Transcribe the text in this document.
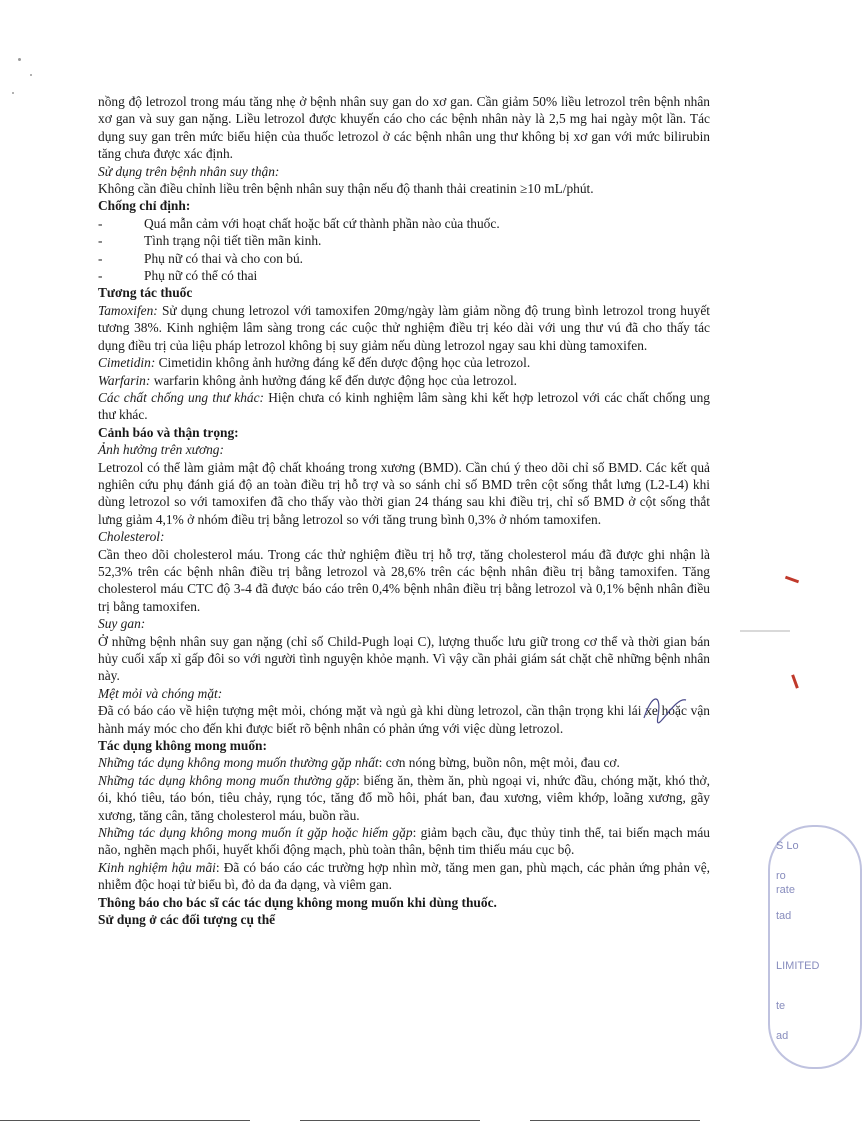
nồng độ letrozol trong máu tăng nhẹ ở bệnh nhân suy gan do xơ gan. Cần giảm 50% liều letrozol trên bệnh nhân xơ gan và suy gan nặng. Liều letrozol được khuyến cáo cho các bệnh nhân này là 2,5 mg hai ngày một lần. Tác dụng suy gan trên mức biểu hiện của thuốc letrozol ở các bệnh nhân ung thư không bị xơ gan với mức bilirubin tăng chưa được xác định.

Sử dụng trên bệnh nhân suy thận:

Không cần điều chỉnh liều trên bệnh nhân suy thận nếu độ thanh thải creatinin ≥10 mL/phút.

Chống chỉ định:

-	Quá mẫn cảm với hoạt chất hoặc bất cứ thành phần nào của thuốc.
-	Tình trạng nội tiết tiền mãn kinh.
-	Phụ nữ có thai và cho con bú.
-	Phụ nữ có thể có thai

Tương tác thuốc

Tamoxifen: Sử dụng chung letrozol với tamoxifen 20mg/ngày làm giảm nồng độ trung bình letrozol trong huyết tương 38%. Kinh nghiệm lâm sàng trong các cuộc thử nghiệm điều trị kéo dài với ung thư vú đã cho thấy tác dụng điều trị của liệu pháp letrozol không bị suy giảm nếu dùng letrozol ngay sau khi dùng tamoxifen.

Cimetidin: Cimetidin không ảnh hưởng đáng kể đến dược động học của letrozol.

Warfarin: warfarin không ảnh hưởng đáng kể đến dược động học của letrozol.

Các chất chống ung thư khác: Hiện chưa có kinh nghiệm lâm sàng khi kết hợp letrozol với các chất chống ung thư khác.

Cảnh báo và thận trọng:

Ảnh hưởng trên xương:

Letrozol có thể làm giảm mật độ chất khoáng trong xương (BMD). Cần chú ý theo dõi chỉ số BMD. Các kết quả nghiên cứu phụ đánh giá độ an toàn điều trị hỗ trợ và so sánh chỉ số BMD trên cột sống thắt lưng (L2-L4) khi dùng letrozol so với tamoxifen đã cho thấy vào thời gian 24 tháng sau khi điều trị, chỉ số BMD ở cột sống thắt lưng giảm 4,1% ở nhóm điều trị bằng letrozol so với tăng trung bình 0,3% ở nhóm tamoxifen.

Cholesterol:

Cần theo dõi cholesterol máu. Trong các thử nghiệm điều trị hỗ trợ, tăng cholesterol máu đã được ghi nhận là 52,3% trên các bệnh nhân điều trị bằng letrozol và 28,6% trên các bệnh nhân điều trị bằng tamoxifen. Tăng cholesterol máu CTC độ 3-4 đã được báo cáo trên 0,4% bệnh nhân điều trị bằng letrozol và 0,1% bệnh nhân điều trị bằng tamoxifen.

Suy gan:

Ở những bệnh nhân suy gan nặng (chỉ số Child-Pugh loại C), lượng thuốc lưu giữ trong cơ thể và thời gian bán hủy cuối xấp xỉ gấp đôi so với người tình nguyện khỏe mạnh. Vì vậy cần phải giám sát chặt chẽ những bệnh nhân này.

Mệt mỏi và chóng mặt:

Đã có báo cáo về hiện tượng mệt mỏi, chóng mặt và ngủ gà khi dùng letrozol, cần thận trọng khi lái xe hoặc vận hành máy móc cho đến khi được biết rõ bệnh nhân có phản ứng với việc dùng letrozol.

Tác dụng không mong muốn:

Những tác dụng không mong muốn thường gặp nhất: cơn nóng bừng, buồn nôn, mệt mỏi, đau cơ.

Những tác dụng không mong muốn thường gặp: biếng ăn, thèm ăn, phù ngoại vi, nhức đầu, chóng mặt, khó thở, ói, khó tiêu, táo bón, tiêu chảy, rụng tóc, tăng đổ mồ hôi, phát ban, đau xương, viêm khớp, loãng xương, gãy xương, tăng cân, tăng cholesterol máu, buồn rầu.

Những tác dụng không mong muốn ít gặp hoặc hiếm gặp: giảm bạch cầu, đục thủy tinh thể, tai biến mạch máu não, nghẽn mạch phổi, huyết khối động mạch, phù toàn thân, bệnh tim thiếu máu cục bộ.

Kinh nghiệm hậu mãi: Đã có báo cáo các trường hợp nhìn mờ, tăng men gan, phù mạch, các phản ứng phản vệ, nhiễm độc hoại tử biểu bì, đỏ da đa dạng, và viêm gan.

Thông báo cho bác sĩ các tác dụng không mong muốn khi dùng thuốc.

Sử dụng ở các đối tượng cụ thể

S Lo
ro
rate
tad
LIMITED
te
ad
